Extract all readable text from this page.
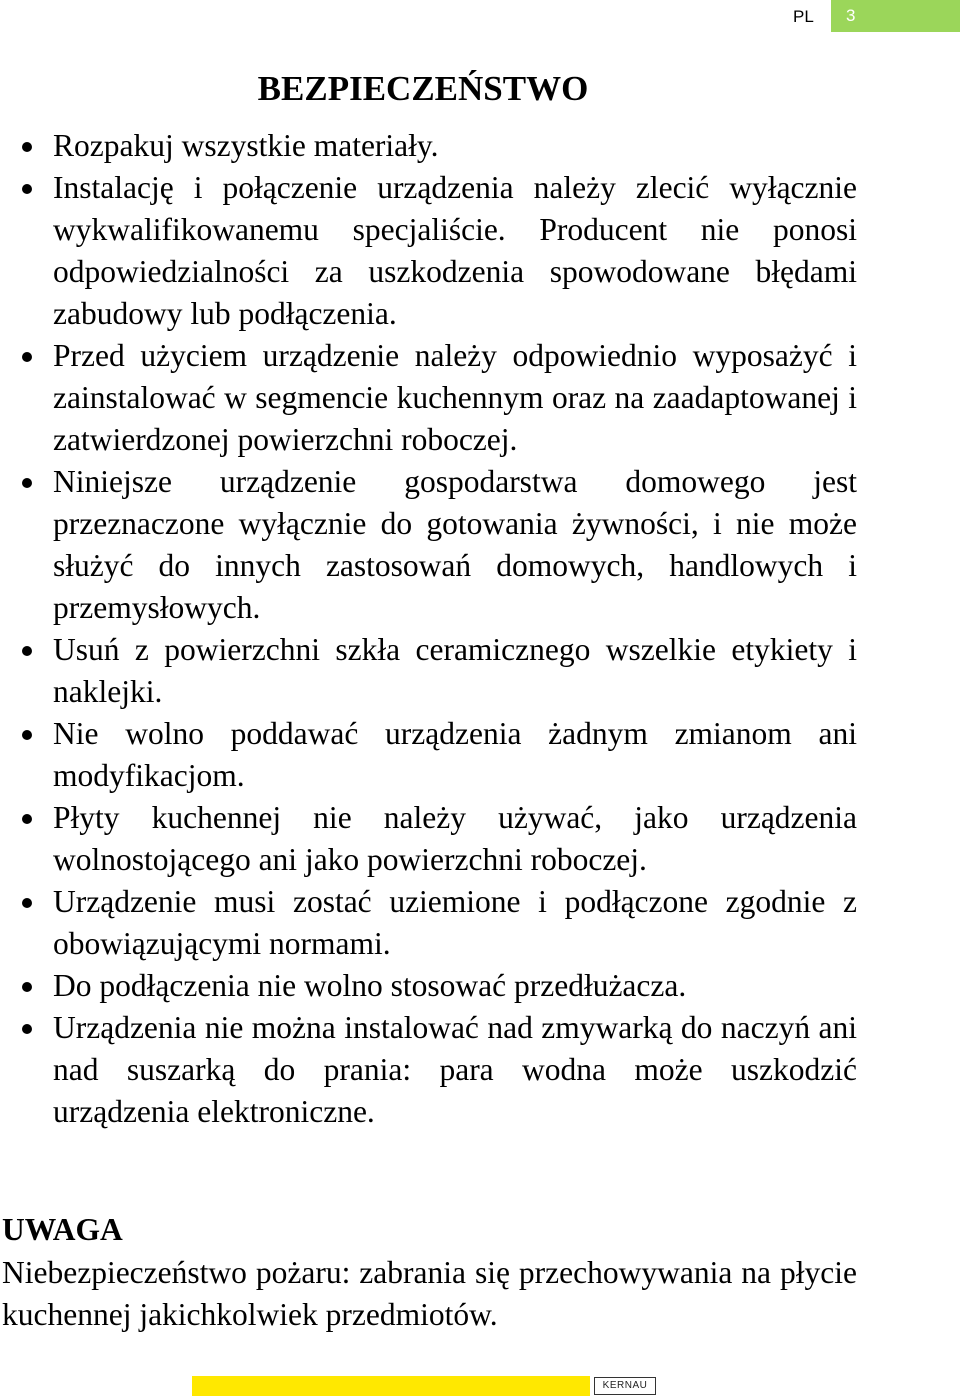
PL 3
BEZPIECZEŃSTWO
Rozpakuj wszystkie materiały.
Instalację i połączenie urządzenia należy zlecić wyłącznie wykwalifikowanemu specjaliście. Producent nie ponosi odpowiedzialności za uszkodzenia spowodowane błędami zabudowy lub podłączenia.
Przed użyciem urządzenie należy odpowiednio wyposażyć i zainstalować w segmencie kuchennym oraz na zaadaptowanej i zatwierdzonej powierzchni roboczej.
Niniejsze urządzenie gospodarstwa domowego jest przeznaczone wyłącznie do gotowania żywności, i nie może służyć do innych zastosowań domowych, handlowych i przemysłowych.
Usuń z powierzchni szkła ceramicznego wszelkie etykiety i naklejki.
Nie wolno poddawać urządzenia żadnym zmianom ani modyfikacjom.
Płyty kuchennej nie należy używać, jako urządzenia wolnostojącego ani jako powierzchni roboczej.
Urządzenie musi zostać uziemione i podłączone zgodnie z obowiązującymi normami.
Do podłączenia nie wolno stosować przedłużacza.
Urządzenia nie można instalować nad zmywarką do naczyń ani nad suszarką do prania: para wodna może uszkodzić urządzenia elektroniczne.

UWAGA

Niebezpieczeństwo pożaru: zabrania się przechowywania na płycie kuchennej jakichkolwiek przedmiotów.

KERNAU
